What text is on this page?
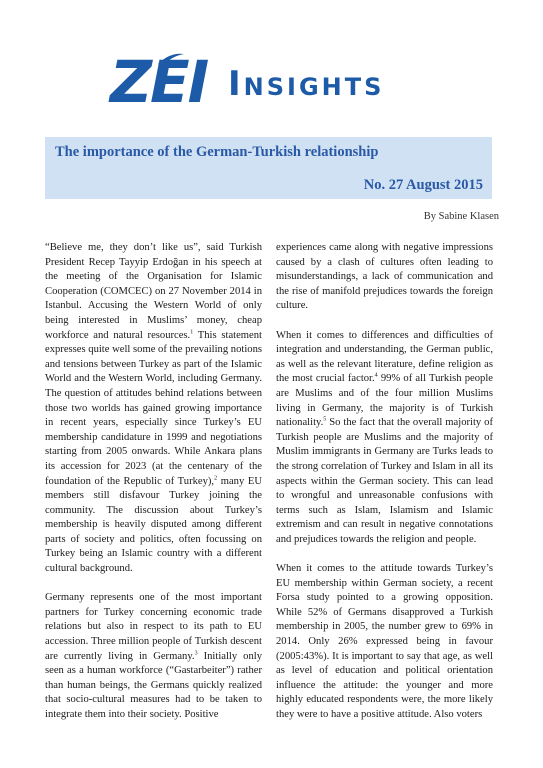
ZEI Insights
The importance of the German-Turkish relationship
No. 27 August 2015
By Sabine Klasen

“Believe me, they don’t like us”, said Turkish President Recep Tayyip Erdoğan in his speech at the meeting of the Organisation for Islamic Cooperation (COMCEC) on 27 November 2014 in Istanbul. Accusing the Western World of only being interested in Muslims’ money, cheap workforce and natural resources.$^1$ This statement expresses quite well some of the prevailing notions and tensions between Turkey as part of the Islamic World and the Western World, including Germany. The question of attitudes behind relations between those two worlds has gained growing importance in recent years, especially since Turkey’s EU membership candidature in 1999 and negotiations starting from 2005 onwards. While Ankara plans its accession for 2023 (at the centenary of the foundation of the Republic of Turkey),$^2$ many EU members still disfavour Turkey joining the community. The discussion about Turkey’s membership is heavily disputed among different parts of society and politics, often focussing on Turkey being an Islamic country with a different cultural background.

Germany represents one of the most important partners for Turkey concerning economic trade relations but also in respect to its path to EU accession. Three million people of Turkish descent are currently living in Germany.$^3$ Initially only seen as a human workforce (“Gastarbeiter”) rather than human beings, the Germans quickly realized that socio-cultural measures had to be taken to integrate them into their society. Positive

experiences came along with negative impressions caused by a clash of cultures often leading to misunderstandings, a lack of communication and the rise of manifold prejudices towards the foreign culture.

When it comes to differences and difficulties of integration and understanding, the German public, as well as the relevant literature, define religion as the most crucial factor.$^4$ 99% of all Turkish people are Muslims and of the four million Muslims living in Germany, the majority is of Turkish nationality.$^5$ So the fact that the overall majority of Turkish people are Muslims and the majority of Muslim immigrants in Germany are Turks leads to the strong correlation of Turkey and Islam in all its aspects within the German society. This can lead to wrongful and unreasonable confusions with terms such as Islam, Islamism and Islamic extremism and can result in negative connotations and prejudices towards the religion and people.

When it comes to the attitude towards Turkey’s EU membership within German society, a recent Forsa study pointed to a growing opposition. While 52% of Germans disapproved a Turkish membership in 2005, the number grew to 69% in 2014. Only 26% expressed being in favour (2005:43%). It is important to say that age, as well as level of education and political orientation influence the attitude: the younger and more highly educated respondents were, the more likely they were to have a positive attitude. Also voters
